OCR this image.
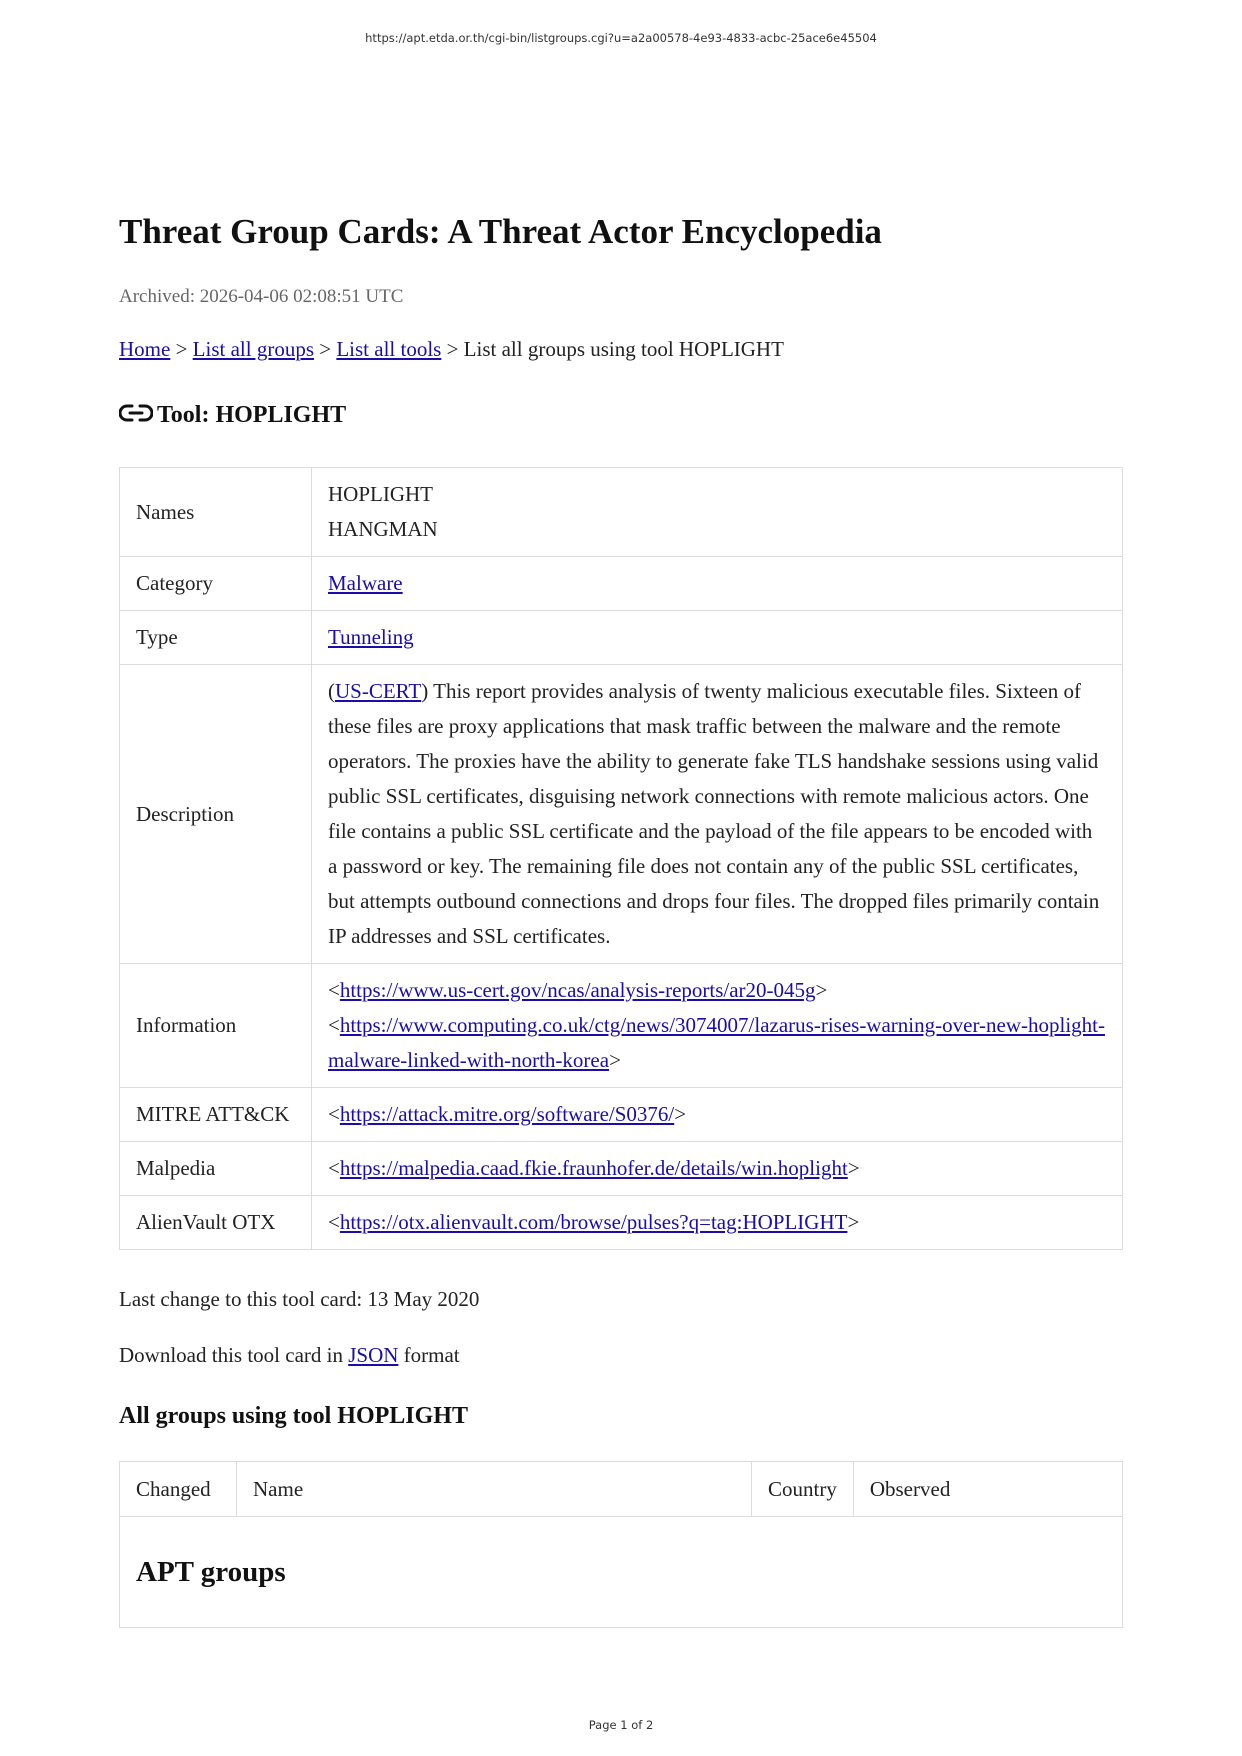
https://apt.etda.or.th/cgi-bin/listgroups.cgi?u=a2a00578-4e93-4833-acbc-25ace6e45504
Threat Group Cards: A Threat Actor Encyclopedia
Archived: 2026-04-06 02:08:51 UTC
Home > List all groups > List all tools > List all groups using tool HOPLIGHT
Tool: HOPLIGHT
Names	HOPLIGHT
HANGMAN

Category	Malware
Type	Tunneling
Description	(US-CERT) This report provides analysis of twenty malicious executable files. Sixteen of these files are proxy applications that mask traffic between the malware and the remote operators. The proxies have the ability to generate fake TLS handshake sessions using valid public SSL certificates, disguising network connections with remote malicious actors. One file contains a public SSL certificate and the payload of the file appears to be encoded with a password or key. The remaining file does not contain any of the public SSL certificates, but attempts outbound connections and drops four files. The dropped files primarily contain IP addresses and SSL certificates.
Information	<https://www.us-cert.gov/ncas/analysis-reports/ar20-045g>
<https://www.computing.co.uk/ctg/news/3074007/lazarus-rises-warning-over-new-hoplight-malware-linked-with-north-korea>

MITRE ATT&CK	<https://attack.mitre.org/software/S0376/>
Malpedia	<https://malpedia.caad.fkie.fraunhofer.de/details/win.hoplight>
AlienVault OTX	<https://otx.alienvault.com/browse/pulses?q=tag:HOPLIGHT>
Last change to this tool card: 13 May 2020
Download this tool card in JSON format
All groups using tool HOPLIGHT
Changed	Name	Country	Observed
APT groups
Page 1 of 2
